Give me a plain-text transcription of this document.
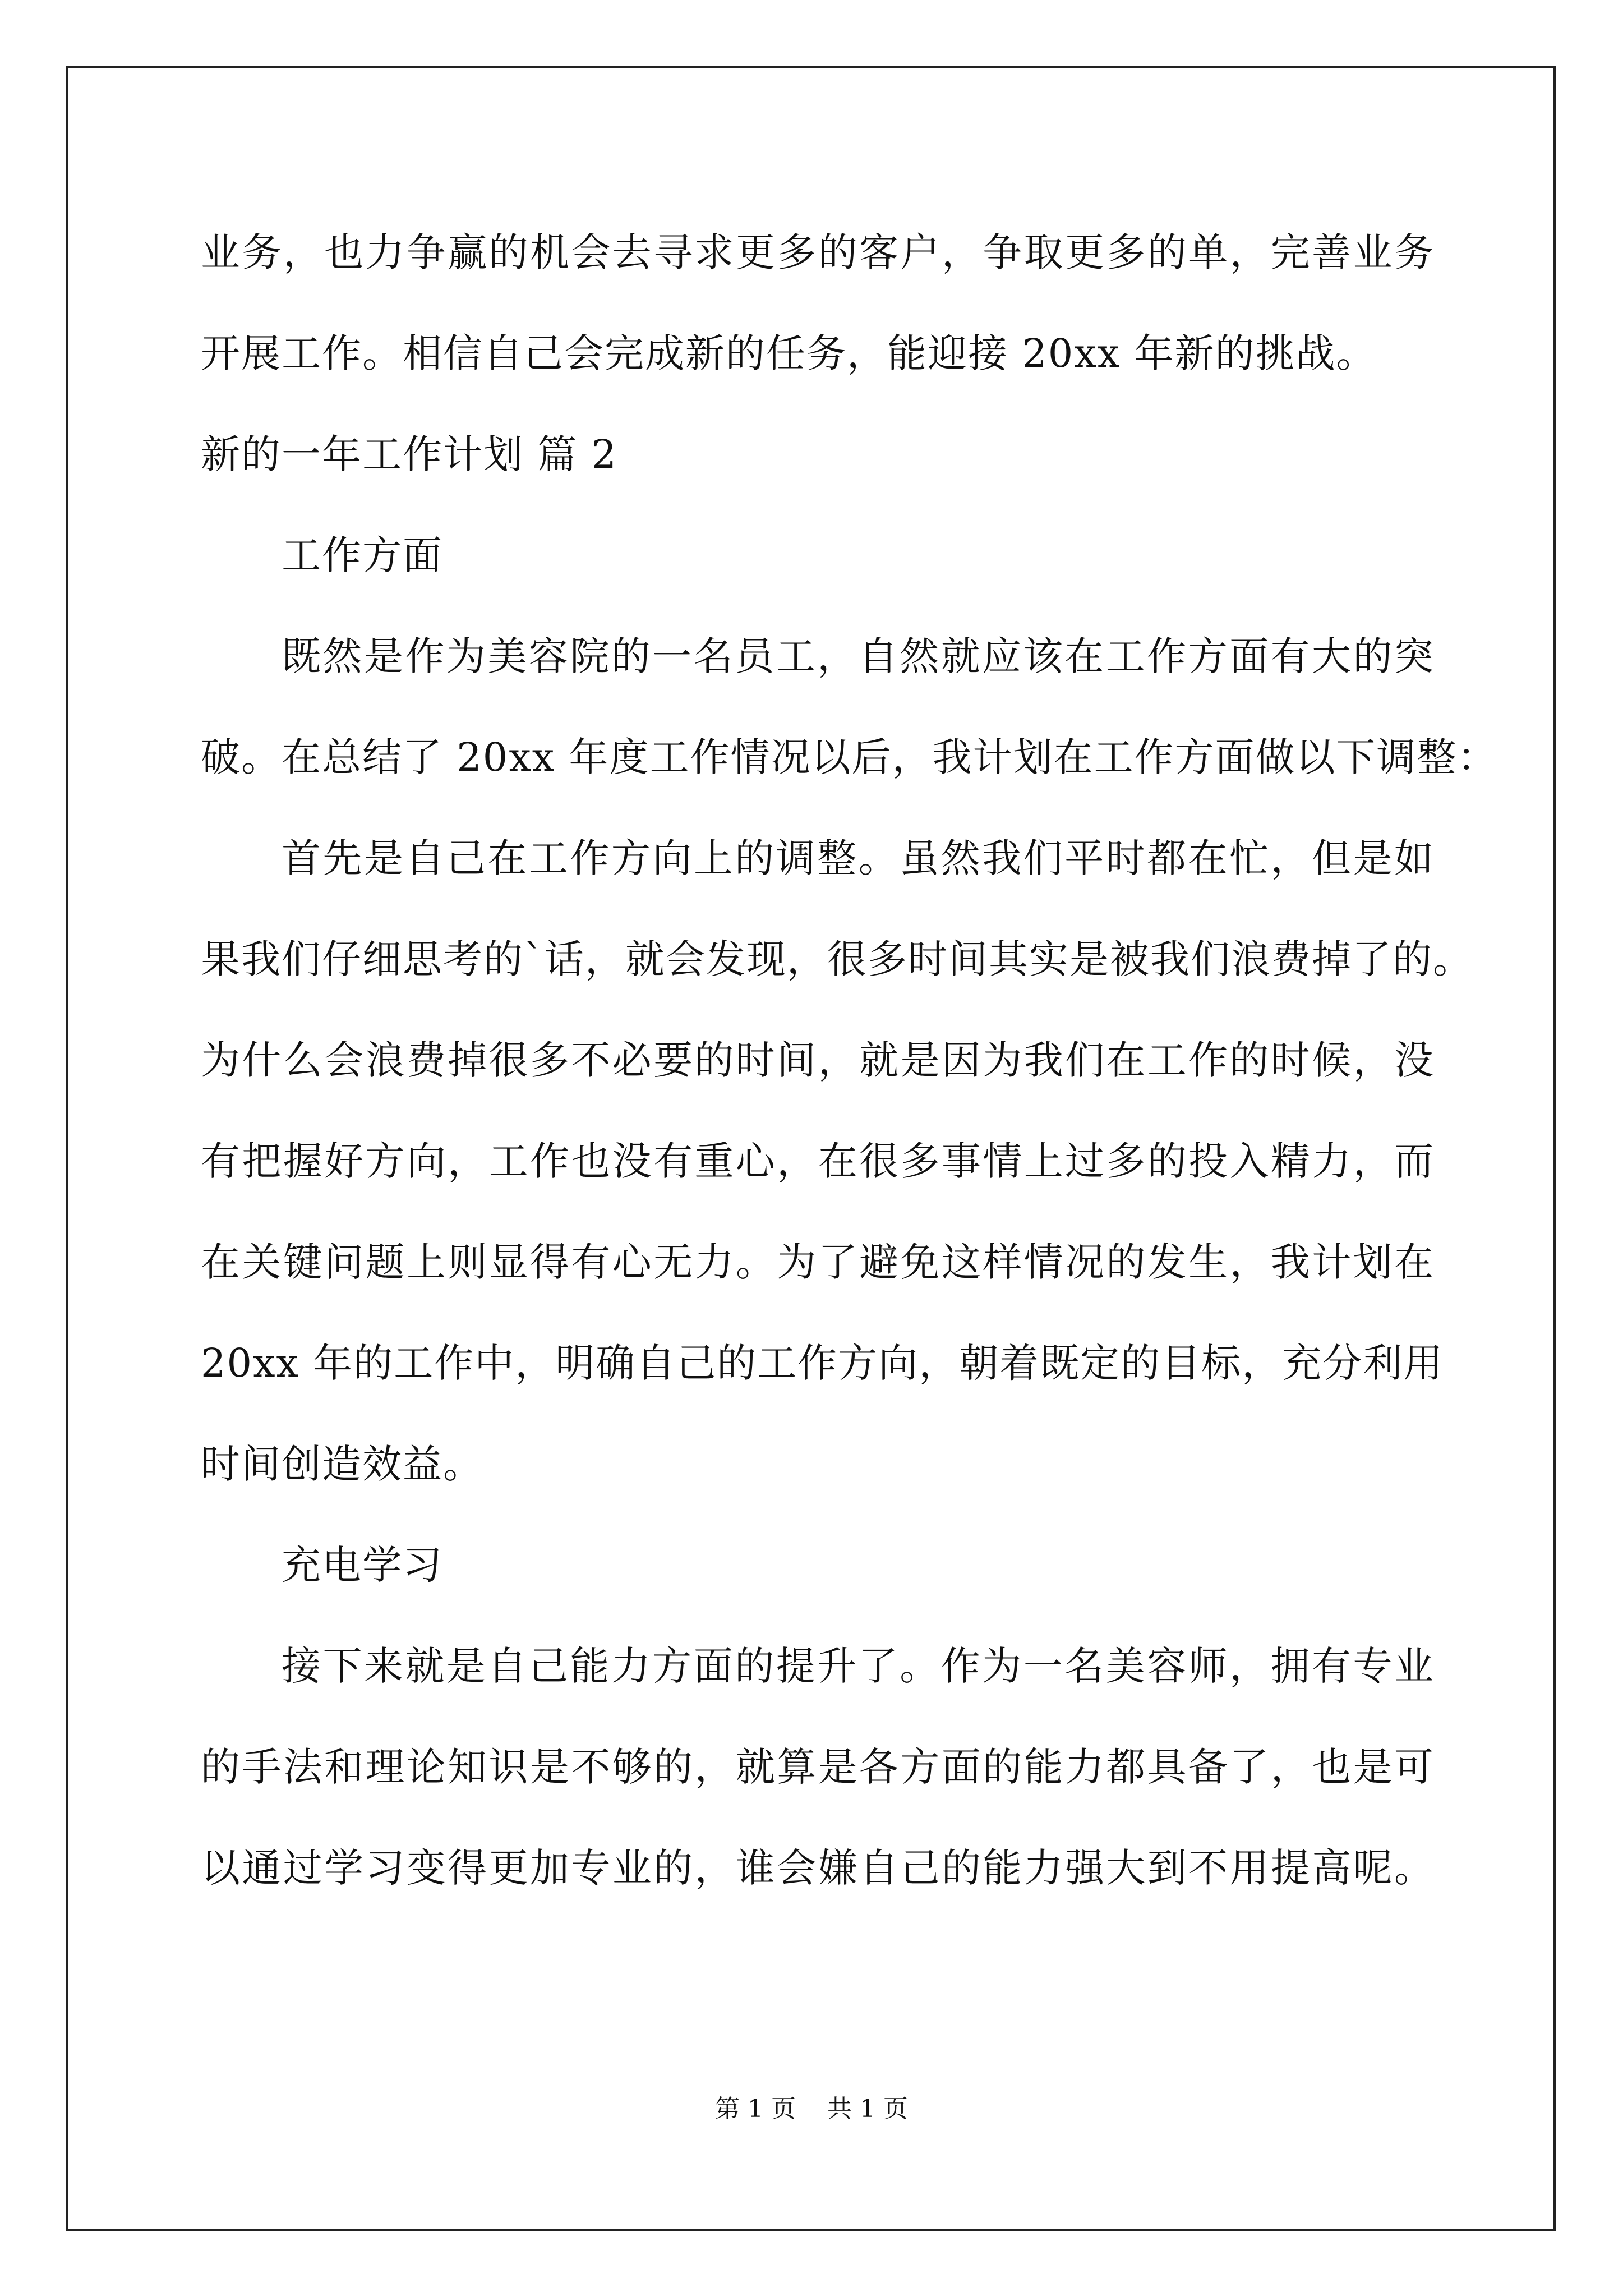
业务，也力争赢的机会去寻求更多的客户，争取更多的单，完善业务
开展工作。相信自己会完成新的任务，能迎接 20xx 年新的挑战。
新的一年工作计划 篇 2
工作方面
既然是作为美容院的一名员工，自然就应该在工作方面有大的突
破。在总结了 20xx 年度工作情况以后，我计划在工作方面做以下调整：
首先是自己在工作方向上的调整。虽然我们平时都在忙，但是如
果我们仔细思考的`话，就会发现，很多时间其实是被我们浪费掉了的。
为什么会浪费掉很多不必要的时间，就是因为我们在工作的时候，没
有把握好方向，工作也没有重心，在很多事情上过多的投入精力，而
在关键问题上则显得有心无力。为了避免这样情况的发生，我计划在
20xx 年的工作中，明确自己的工作方向，朝着既定的目标，充分利用
时间创造效益。
充电学习
接下来就是自己能力方面的提升了。作为一名美容师，拥有专业
的手法和理论知识是不够的，就算是各方面的能力都具备了，也是可
以通过学习变得更加专业的，谁会嫌自己的能力强大到不用提高呢。
第 1 页    共 1 页
